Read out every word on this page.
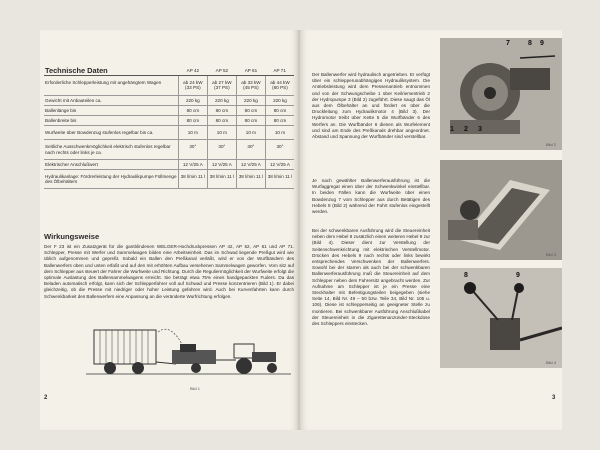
Technische Daten	AP 42	AP 52	AP 61	AP 71
Erforderliche Schlepperleistung mit angehängtem Wagen	ab 24 kW (33 PS)	ab 27 kW (37 PS)	ab 33 kW (45 PS)	ab 44 kW (60 PS)
Gewicht mit Anbauteilen ca.	220 kg	220 kg	220 kg	220 kg
Ballenlänge bis	80 cm	80 cm	80 cm	80 cm
Ballenbreite bis	80 cm	80 cm	80 cm	80 cm
Wurfweite über Bowdenzug stufenlos regelbar bis ca.	10 m	10 m	10 m	10 m
Seitliche Ausschwenkmöglichkeit elektrisch stufenlos regelbar nach rechts oder links je ca.	30°	30°	30°	30°
Elektrischer Anschlußwert	12 V/25 A	12 V/25 A	12 V/25 A	12 V/25 A
Hydraulikanlage: Fördrerleistung der Hydraulikpumpe Füllmenge des Ölbehälters	38 l/min 11 l	38 l/min 11 l	38 l/min 11 l	38 l/min 11 l
Wirkungsweise

Der F 23 ist ein Zusatzgerät für die gamblindenen WELGER-Hochdruckpressen AP 42, AP 52, AP 61 und AP 71. Schlepper, Presse mit Werfer und Sammelwagen bilden eine Arbeitseinheit. Das im Schwad liegende Preßgut wird wie üblich aufgenommen und gepreßt. Sobald ein Ballen den Preßkanal verläßt, wird er von der Wurfbändern des Ballenwerfers oben und unten erfaßt und auf den mit erhöhten Aufbau versehenen Sammelwagen geworfen. Vom sitz auf dem Schlepper aus steuert der Fahrer die Wurfweite und Richtung. Durch die Reguliermöglichkeit der Wurfweite erfolgt die optimale Auslastung des Ballensammelwagens erreicht. Sie beträgt etwa 75% eines handgepackten Fuders. Da das Beladen automatisch erfolgt, kann sich der Schlepperfahrer voll auf Schwad und Presse konzentrieren (Bild 1). Er dabei gleichzeitig, ob die Presse mit niedriger oder hoher Leistung gefahren wird. Auch bei Kurvenfahrten kann durch Schwenkbarkeit des Ballenwerfers eine Anpassung an die veränderte Wurfrichtung erfolgen.

Bild 1
2

Der Ballenwerfer wird hydraulisch angetrieben. Er verfügt über ein schlepperunabhängiges Hydrauliksystem. Die Antriebsleistung wird dem Pressenantrieb entnommen und von der Schwungscheibe 1 über Keilriementrieb 2 der Hydropumpe 3 (Bild 2) zugeführt. Diese saugt das Öl aus dem Ölbehälter an und fördert es über die Druckleitung zum Hydraulikmotor 4 (Bild 3). Der Hydromotor treibt über Kette 5 die Wurfbänder 6 des Werfers an. Die Wurfbänder 6 dienen als Wurfelement und sind am Ende des Preßkanals drehbar angeordnet. Abstand und Spannung der Wurfbänder sind verstellbar.

Je nach gewählter Ballenwerferausführung ist die Wurfaggregat einen über der Schwenkwinkel einstellbar. In beiden Fällen kann die Wurfweite über einen Bowdenzug 7 vom Schlepper aus durch Betätigen des Hebels 8 (Bild 2) während der Fahrt stufenlos eingestellt werden.

Bei der schwenkbaren Ausführung wird die Steuereinheit neben dem Hebel 8 zusätzlich einen weiteren Hebel 9 zur (Bild 4). Dieser dient zur Verstellung der Seitenschwenkrichtung mit elektrischen Verstellmotor. Drücken des Hebels 9 nach rechts oder links bewirkt entsprechendes Verschwenken der Ballenwerfers. Sowohl bei der starren als auch bei der schwenkbaren Ballenwerferausführung muß die Steuereinheit auf dem Schlepper neben dem Fahrersitz angebracht werden. Zur Aufnahme am Schlepper ist je ein Presse eine Steckhalter mit Befestigungsteilen beigegeben (siehe Seite 14, Bild Nr. 49 – 50 bzw. Teile 34, Bild Nr. 105 u. 106). Diese ist schlepperseitig an geeigneter Stelle zu montieren. Bei schwenkbarer Ausführung Anschlußkabel der Steuereinheit in die Zigarettenanzünder-Steckdose des Schleppers einstecken.

7	8 9
1 2 3
Bild 2
Bild 3
8	9
Bild 4
3
